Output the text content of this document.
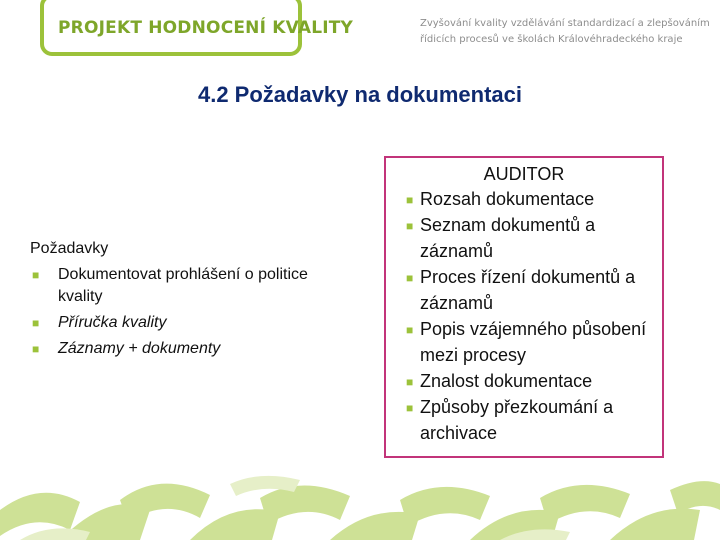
PROJEKT HODNOCENÍ KVALITY	Zvyšování kvality vzdělávání standardizací a zlepšováním
řídicích procesů ve školách Královéhradeckého kraje
4.2 Požadavky na dokumentaci
Požadavky
■ Dokumentovat prohlášení o politice kvality
■ Příručka kvality
■ Záznamy + dokumenty
AUDITOR
■ Rozsah dokumentace
■ Seznam dokumentů a záznamů
■ Proces řízení dokumentů a záznamů
■ Popis vzájemného působení mezi procesy
■ Znalost dokumentace
■ Způsoby přezkoumání a archivace
